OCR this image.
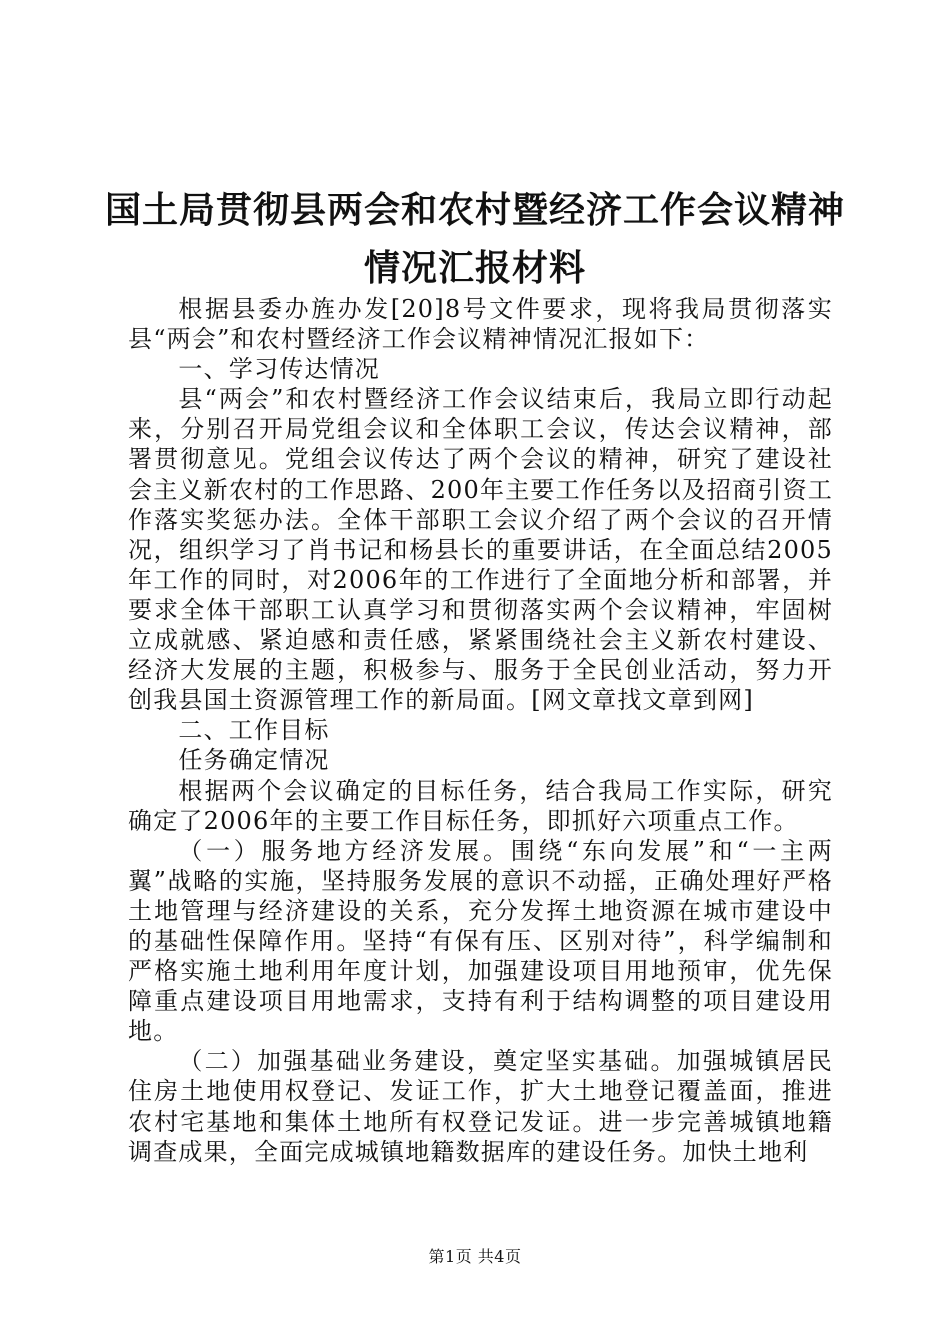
国土局贯彻县两会和农村暨经济工作会议精神
情况汇报材料

根据县委办旌办发[20]8号文件要求，现将我局贯彻落实县“两会”和农村暨经济工作会议精神情况汇报如下：

一、学习传达情况

县“两会”和农村暨经济工作会议结束后，我局立即行动起来，分别召开局党组会议和全体职工会议，传达会议精神，部署贯彻意见。党组会议传达了两个会议的精神，研究了建设社会主义新农村的工作思路、200年主要工作任务以及招商引资工作落实奖惩办法。全体干部职工会议介绍了两个会议的召开情况，组织学习了肖书记和杨县长的重要讲话，在全面总结2005年工作的同时，对2006年的工作进行了全面地分析和部署，并要求全体干部职工认真学习和贯彻落实两个会议精神，牢固树立成就感、紧迫感和责任感，紧紧围绕社会主义新农村建设、经济大发展的主题，积极参与、服务于全民创业活动，努力开创我县国土资源管理工作的新局面。[网文章找文章到网]

二、工作目标

任务确定情况

根据两个会议确定的目标任务，结合我局工作实际，研究确定了2006年的主要工作目标任务，即抓好六项重点工作。

（一）服务地方经济发展。围绕“东向发展”和“一主两翼”战略的实施，坚持服务发展的意识不动摇，正确处理好严格土地管理与经济建设的关系，充分发挥土地资源在城市建设中的基础性保障作用。坚持“有保有压、区别对待”，科学编制和严格实施土地利用年度计划，加强建设项目用地预审，优先保障重点建设项目用地需求，支持有利于结构调整的项目建设用地。

（二）加强基础业务建设，奠定坚实基础。加强城镇居民住房土地使用权登记、发证工作，扩大土地登记覆盖面，推进农村宅基地和集体土地所有权登记发证。进一步完善城镇地籍调查成果，全面完成城镇地籍数据库的建设任务。加快土地利

第1页 共4页
